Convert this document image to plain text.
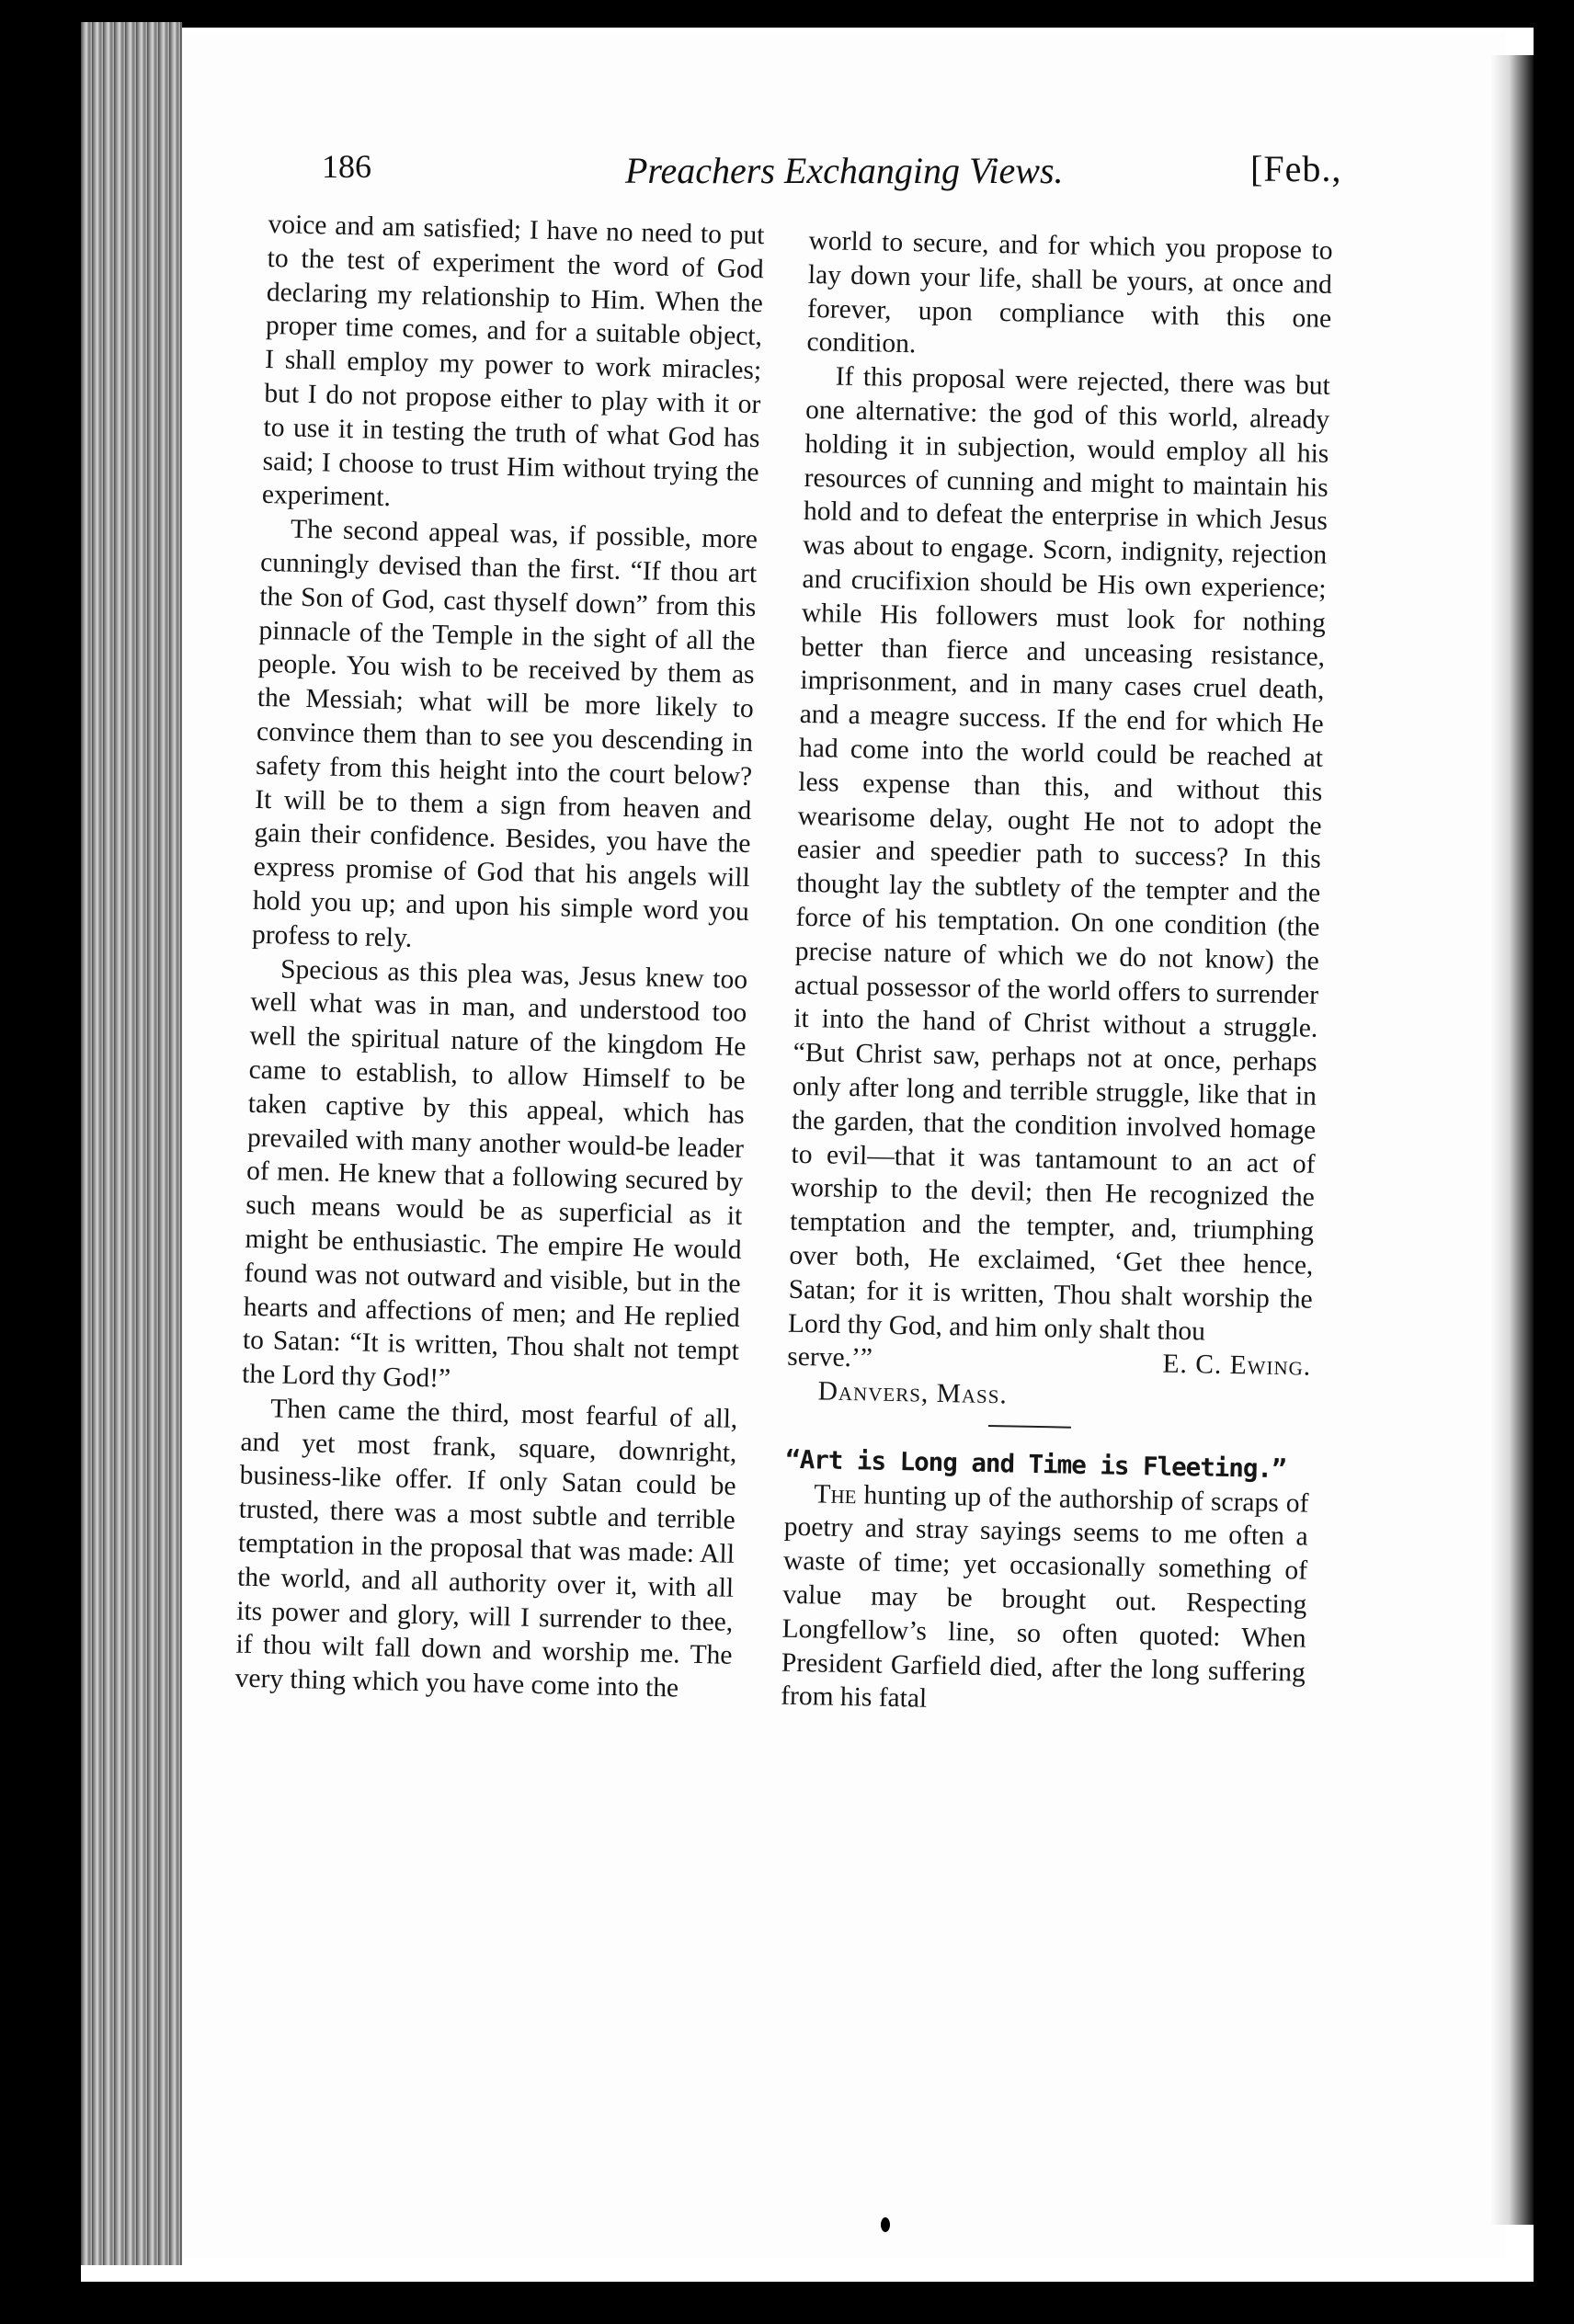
186	Preachers Exchanging Views.	[Feb.,

voice and am satisfied; I have no need to put to the test of experiment the word of God declaring my relationship to Him. When the proper time comes, and for a suitable object, I shall employ my power to work miracles; but I do not propose either to play with it or to use it in testing the truth of what God has said; I choose to trust Him without trying the experiment.

The second appeal was, if possible, more cunningly devised than the first. “If thou art the Son of God, cast thyself down” from this pinnacle of the Temple in the sight of all the people. You wish to be received by them as the Messiah; what will be more likely to convince them than to see you descending in safety from this height into the court below? It will be to them a sign from heaven and gain their confidence. Besides, you have the express promise of God that his angels will hold you up; and upon his simple word you profess to rely.

Specious as this plea was, Jesus knew too well what was in man, and understood too well the spiritual nature of the kingdom He came to establish, to allow Himself to be taken captive by this appeal, which has prevailed with many another would-be leader of men. He knew that a following secured by such means would be as superficial as it might be enthusiastic. The empire He would found was not outward and visible, but in the hearts and affections of men; and He replied to Satan: “It is written, Thou shalt not tempt the Lord thy God!”

Then came the third, most fearful of all, and yet most frank, square, downright, business-like offer. If only Satan could be trusted, there was a most subtle and terrible temptation in the proposal that was made: All the world, and all authority over it, with all its power and glory, will I surrender to thee, if thou wilt fall down and worship me. The very thing which you have come into the

world to secure, and for which you propose to lay down your life, shall be yours, at once and forever, upon compliance with this one condition.

If this proposal were rejected, there was but one alternative: the god of this world, already holding it in subjection, would employ all his resources of cunning and might to maintain his hold and to defeat the enterprise in which Jesus was about to engage. Scorn, indignity, rejection and crucifixion should be His own experience; while His followers must look for nothing better than fierce and unceasing resistance, imprisonment, and in many cases cruel death, and a meagre success. If the end for which He had come into the world could be reached at less expense than this, and without this wearisome delay, ought He not to adopt the easier and speedier path to success? In this thought lay the subtlety of the tempter and the force of his temptation. On one condition (the precise nature of which we do not know) the actual possessor of the world offers to surrender it into the hand of Christ without a struggle. “But Christ saw, perhaps not at once, perhaps only after long and terrible struggle, like that in the garden, that the condition involved homage to evil—that it was tantamount to an act of worship to the devil; then He recognized the temptation and the tempter, and, triumphing over both, He exclaimed, ‘Get thee hence, Satan; for it is written, Thou shalt worship the Lord thy God, and him only shalt thou

serve.’”	E. C. Ewing.

Danvers, Mass.

“Art is Long and Time is Fleeting.”

The hunting up of the authorship of scraps of poetry and stray sayings seems to me often a waste of time; yet occasionally something of value may be brought out. Respecting Longfellow’s line, so often quoted: When President Garfield died, after the long suffering from his fatal
